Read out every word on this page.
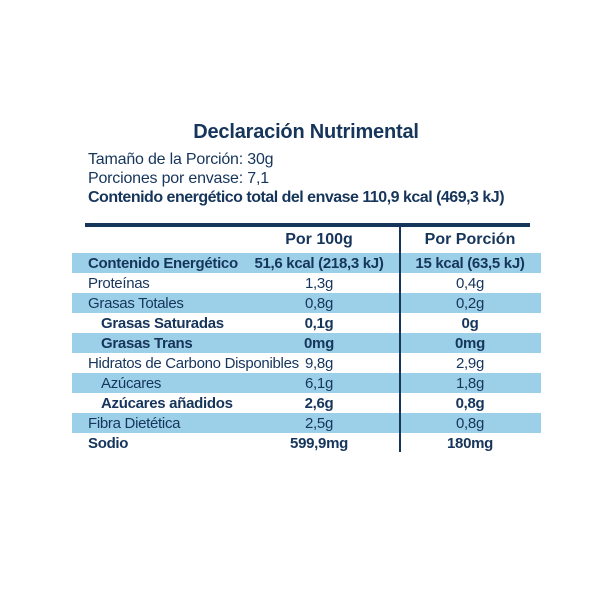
Declaración Nutrimental
Tamaño de la Porción: 30g
Porciones por envase: 7,1
Contenido energético total del envase 110,9 kcal (469,3 kJ)
Por 100g	Por Porción
Contenido Energético	51,6 kcal (218,3 kJ)	15 kcal (63,5 kJ)
Proteínas	1,3g	0,4g
Grasas Totales	0,8g	0,2g
Grasas Saturadas	0,1g	0g
Grasas Trans	0mg	0mg
Hidratos de Carbono Disponibles 9,8g	2,9g
Azúcares	6,1g	1,8g
Azúcares añadidos	2,6g	0,8g
Fibra Dietética	2,5g	0,8g
Sodio	599,9mg	180mg
